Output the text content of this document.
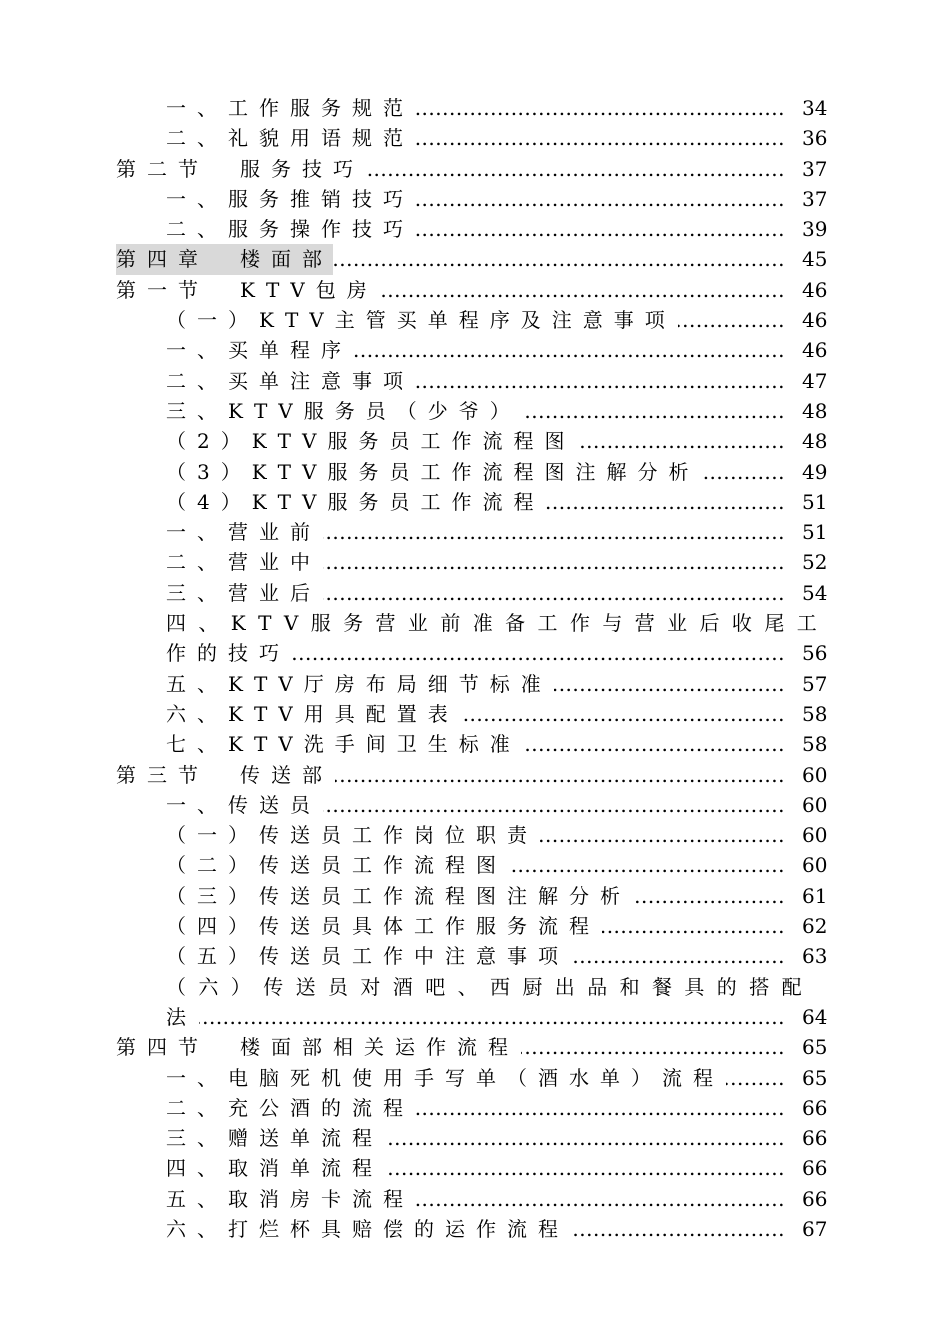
.....
一、工作服务规范	34
.....
二、礼貌用语规范	36
.....
第二节　服务技巧	37
.....
一、服务推销技巧	37
.....
二、服务操作技巧	39
.....
第四章　楼面部	45
.....
第一节　KTV包房	46
.....
（一）KTV主管买单程序及注意事项	46
.....
一、买单程序	46
.....
二、买单注意事项	47
.....
三、KTV服务员（少爷）	48
.....
（2）KTV服务员工作流程图	48
.....
（3）KTV服务员工作流程图注解分析	49
.....
（4）KTV服务员工作流程	51
.....
一、营业前	51
.....
二、营业中	52
.....
三、营业后	54
四、KTV服务营业前准备工作与营业后收尾工
.....
作的技巧	56
.....
五、KTV厅房布局细节标准	57
.....
六、KTV用具配置表	58
.....
七、KTV洗手间卫生标准	58
.....
第三节　传送部	60
.....
一、传送员	60
.....
（一）传送员工作岗位职责	60
.....
（二）传送员工作流程图	60
.....
（三）传送员工作流程图注解分析	61
.....
（四）传送员具体工作服务流程	62
.....
（五）传送员工作中注意事项	63
（六）传送员对酒吧、西厨出品和餐具的搭配
.....
法	64
.....
第四节　楼面部相关运作流程	65
.....
一、电脑死机使用手写单（酒水单）流程	65
.....
二、充公酒的流程	66
.....
三、赠送单流程	66
.....
四、取消单流程	66
.....
五、取消房卡流程	66
.....
六、打烂杯具赔偿的运作流程	67
